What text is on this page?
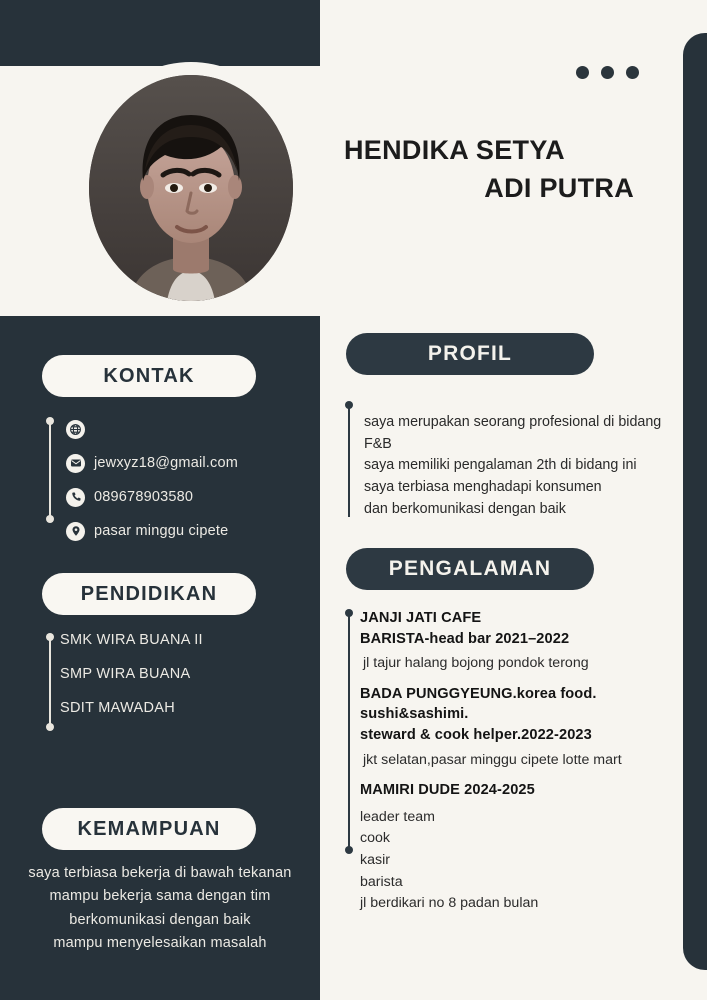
HENDIKA SETYA
ADI PUTRA
KONTAK
jewxyz18@gmail.com
089678903580
pasar minggu cipete
PENDIDIKAN
SMK WIRA BUANA II
SMP WIRA BUANA
SDIT MAWADAH
KEMAMPUAN
saya terbiasa bekerja di bawah tekanan
mampu bekerja sama dengan tim
berkomunikasi dengan baik
mampu menyelesaikan masalah
PROFIL
saya merupakan seorang profesional di bidang
F&B
saya memiliki pengalaman 2th di bidang ini
saya terbiasa menghadapi konsumen
dan berkomunikasi dengan baik
PENGALAMAN
JANJI JATI CAFE
BARISTA-head bar 2021–2022
jl tajur halang bojong pondok terong
BADA PUNGGYEUNG.korea food.
sushi&sashimi.
steward & cook helper.2022-2023
jkt selatan,pasar minggu cipete lotte mart
MAMIRI DUDE 2024-2025
leader team
cook
kasir
barista
jl berdikari no 8 padan bulan
